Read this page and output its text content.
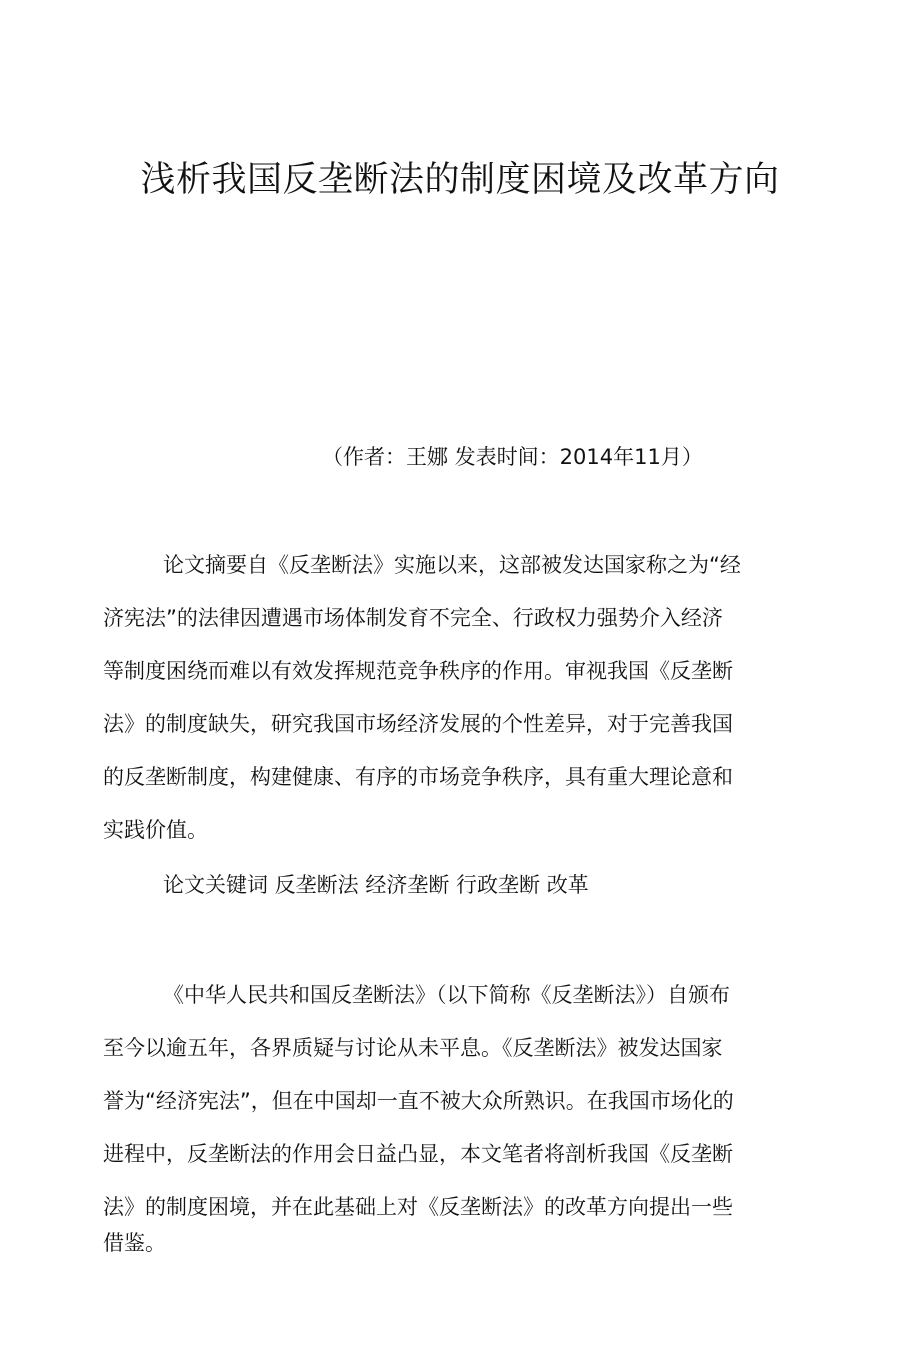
浅析我国反垄断法的制度困境及改革方向
（作者：王娜 发表时间：2014年11月）
论文摘要自《反垄断法》实施以来，这部被发达国家称之为“经
济宪法”的法律因遭遇市场体制发育不完全、行政权力强势介入经济
等制度困绕而难以有效发挥规范竞争秩序的作用。审视我国《反垄断
法》的制度缺失，研究我国市场经济发展的个性差异，对于完善我国
的反垄断制度，构建健康、有序的市场竞争秩序，具有重大理论意和
实践价值。
论文关键词 反垄断法 经济垄断 行政垄断 改革
《中华人民共和国反垄断法》（以下简称《反垄断法》）自颁布
至今以逾五年，各界质疑与讨论从未平息。《反垄断法》被发达国家
誉为“经济宪法”，但在中国却一直不被大众所熟识。在我国市场化的
进程中，反垄断法的作用会日益凸显，本文笔者将剖析我国《反垄断
法》的制度困境，并在此基础上对《反垄断法》的改革方向提出一些
借鉴。
